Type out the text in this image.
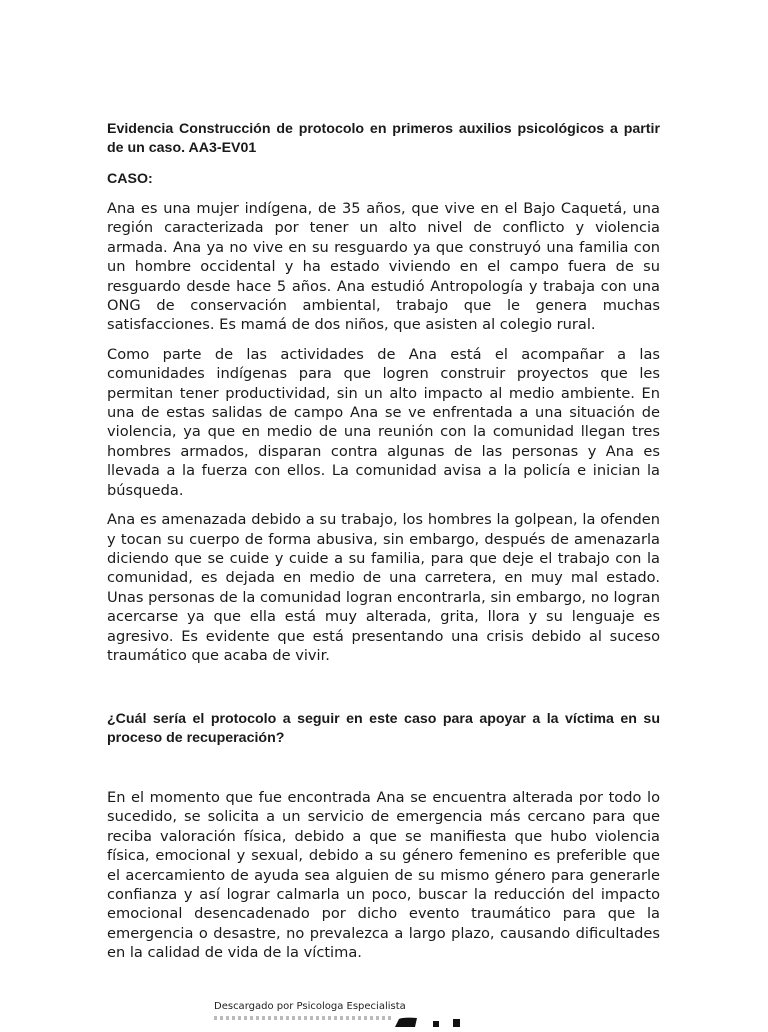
Evidencia Construcción de protocolo en primeros auxilios psicológicos a partir de un caso. AA3-EV01

CASO:

Ana es una mujer indígena, de 35 años, que vive en el Bajo Caquetá, una región caracterizada por tener un alto nivel de conflicto y violencia armada. Ana ya no vive en su resguardo ya que construyó una familia con un hombre occidental y ha estado viviendo en el campo fuera de su resguardo desde hace 5 años. Ana estudió Antropología y trabaja con una ONG de conservación ambiental, trabajo que le genera muchas satisfacciones. Es mamá de dos niños, que asisten al colegio rural.

Como parte de las actividades de Ana está el acompañar a las comunidades indígenas para que logren construir proyectos que les permitan tener productividad, sin un alto impacto al medio ambiente. En una de estas salidas de campo Ana se ve enfrentada a una situación de violencia, ya que en medio de una reunión con la comunidad llegan tres hombres armados, disparan contra algunas de las personas y Ana es llevada a la fuerza con ellos. La comunidad avisa a la policía e inician la búsqueda.

Ana es amenazada debido a su trabajo, los hombres la golpean, la ofenden y tocan su cuerpo de forma abusiva, sin embargo, después de amenazarla diciendo que se cuide y cuide a su familia, para que deje el trabajo con la comunidad, es dejada en medio de una carretera, en muy mal estado. Unas personas de la comunidad logran encontrarla, sin embargo, no logran acercarse ya que ella está muy alterada, grita, llora y su lenguaje es agresivo. Es evidente que está presentando una crisis debido al suceso traumático que acaba de vivir.

¿Cuál sería el protocolo a seguir en este caso para apoyar a la víctima en su proceso de recuperación?

En el momento que fue encontrada Ana se encuentra alterada por todo lo sucedido, se solicita a un servicio de emergencia más cercano para que reciba valoración física, debido a que se manifiesta que hubo violencia física, emocional y sexual, debido a su género femenino es preferible que el acercamiento de ayuda sea alguien de su mismo género para generarle confianza y así lograr calmarla un poco, buscar la reducción del impacto emocional desencadenado por dicho evento traumático para que la emergencia o desastre, no prevalezca a largo plazo, causando dificultades en la calidad de vida de la víctima.

Descargado por Psicologa Especialista
